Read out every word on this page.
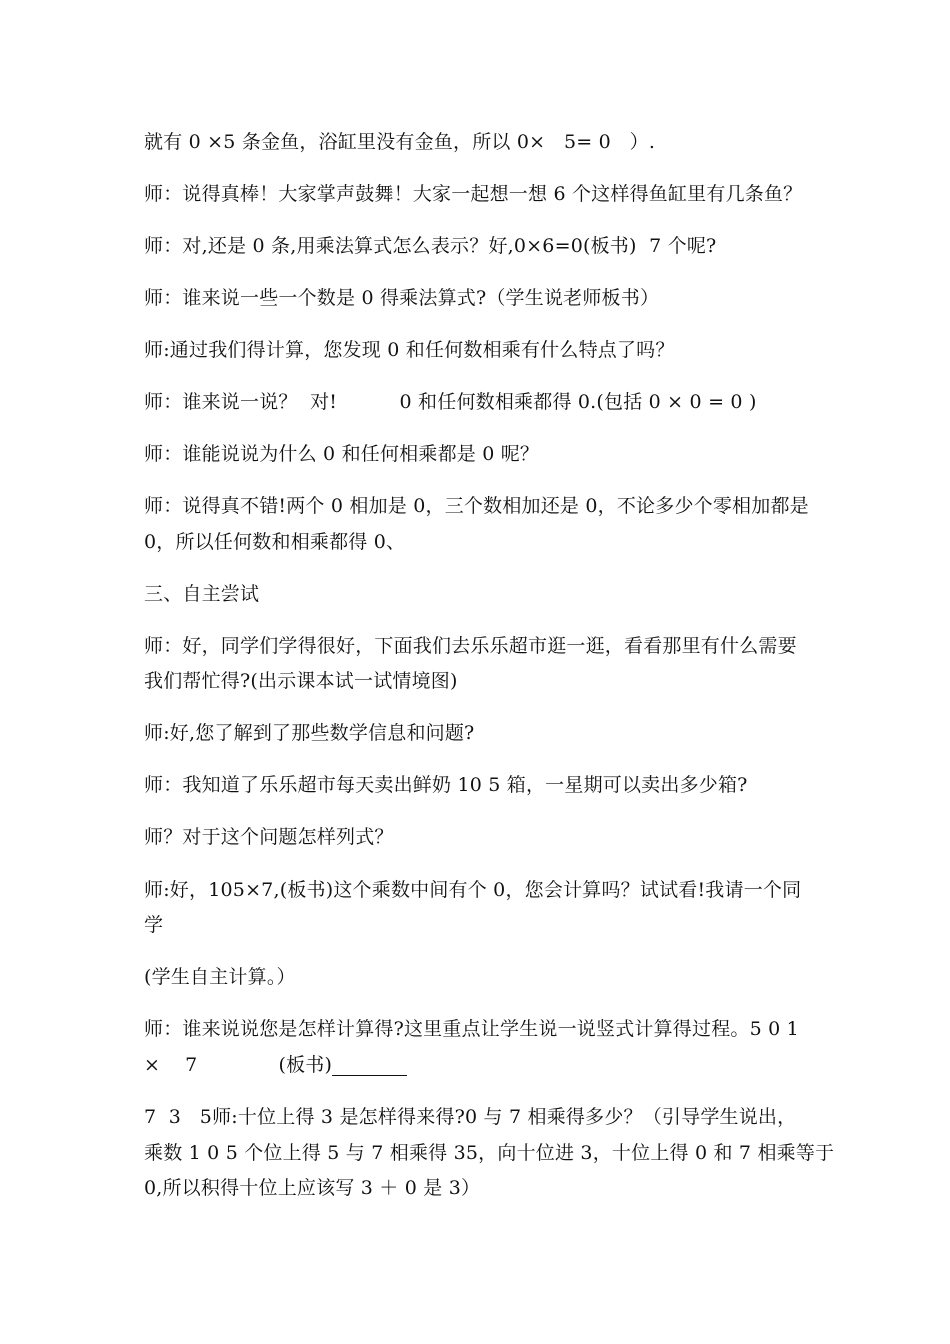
就有 0 ×5 条金鱼，浴缸里没有金鱼，所以 0×   5= 0   ）.

师：说得真棒！大家掌声鼓舞！大家一起想一想 6 个这样得鱼缸里有几条鱼？

师：对,还是 0 条,用乘法算式怎么表示？好,0×6=0(板书)  7 个呢?

师：谁来说一些一个数是 0 得乘法算式?（学生说老师板书）

师:通过我们得计算，您发现 0 和任何数相乘有什么特点了吗？

师：谁来说一说？  对!          0 和任何数相乘都得 0.(包括 0 × 0 = 0 )

师：谁能说说为什么 0 和任何相乘都是 0 呢？

师：说得真不错!两个 0 相加是 0，三个数相加还是 0，不论多少个零相加都是

0，所以任何数和相乘都得 0、

三、自主尝试

师：好，同学们学得很好，下面我们去乐乐超市逛一逛，看看那里有什么需要

我们帮忙得?(出示课本试一试情境图)

师:好,您了解到了那些数学信息和问题?

师：我知道了乐乐超市每天卖出鲜奶 10 5 箱，一星期可以卖出多少箱?

师？对于这个问题怎样列式？

师:好，105×7,(板书)这个乘数中间有个 0，您会计算吗？试试看!我请一个同

学

(学生自主计算。）

师：谁来说说您是怎样计算得?这里重点让学生说一说竖式计算得过程。5 0 1

×    7             (板书)

7  3   5师:十位上得 3 是怎样得来得?0 与 7 相乘得多少？（引导学生说出，

乘数 1 0 5 个位上得 5 与 7 相乘得 35，向十位进 3，十位上得 0 和 7 相乘等于

0,所以积得十位上应该写 3 ＋ 0 是 3）
